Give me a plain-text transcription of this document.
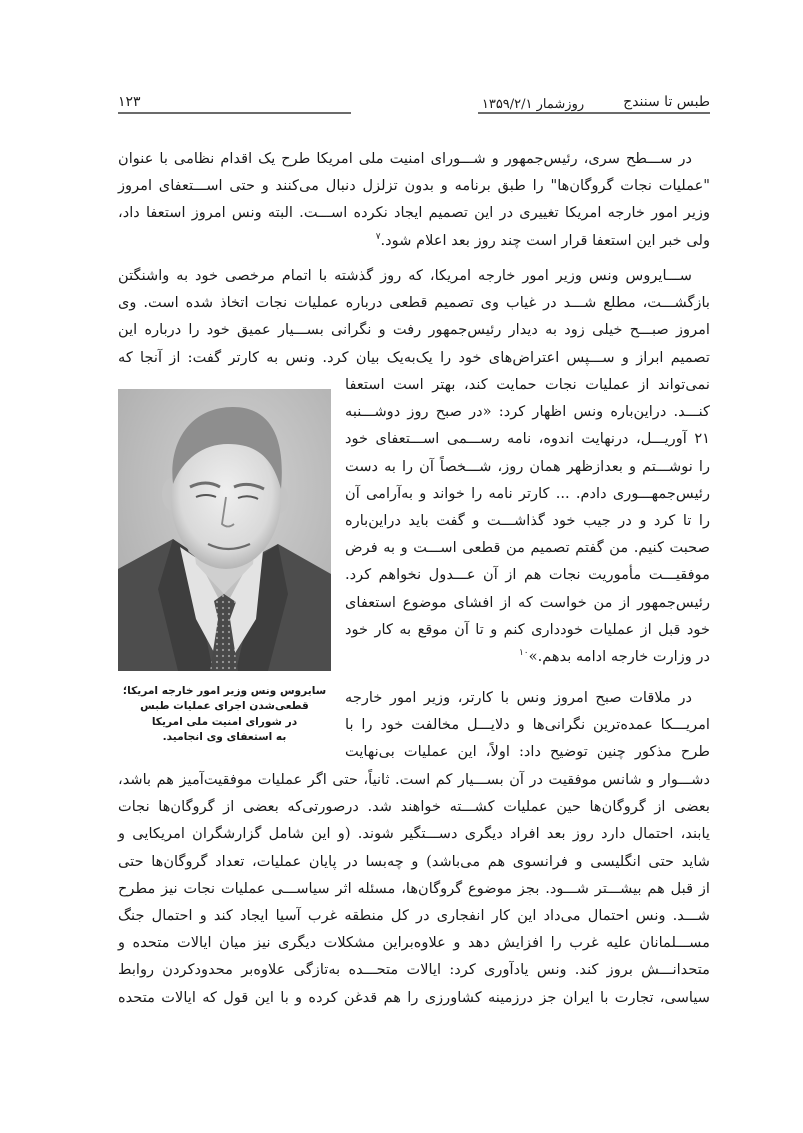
طبس تا سنندج
روزشمار ۱۳۵۹/۲/۱
۱۲۳
در ســـطح سری، رئیس‌جمهور و شـــورای امنیت ملی امریکا طرح یک اقدام نظامی با عنوان
"عملیات نجات گروگان‌ها" را طبق برنامه و بدون تزلزل دنبال می‌کنند و حتی اســـتعفای امروز
وزیر امور خارجه امریکا تغییری در این تصمیم ایجاد نکرده اســـت. البته ونس امروز استعفا داد،
ولی خبر این استعفا قرار است چند روز بعد اعلام شود.$^۷$
ســـایروس ونس وزیر امور خارجه امریکا، که روز گذشته با اتمام مرخصی خود به واشنگتن
بازگشـــت، مطلع شـــد در غیاب وی تصمیم قطعی درباره عملیات نجات اتخاذ شده است. وی
امروز صبـــح خیلی زود به دیدار رئیس‌جمهور رفت و نگرانی بســـیار عمیق خود را درباره این
تصمیم ابراز و ســـپس اعتراض‌های خود را یک‌به‌یک بیان کرد. ونس به کارتر گفت: از آنجا که
نمی‌تواند از عملیات نجات حمایت کند، بهتر است استعفا
کنـــد. دراین‌باره ونس اظهار کرد: «در صبح روز دوشـــنبه
۲۱ آوریـــل، درنهایت اندوه، نامه رســـمی اســـتعفای خود
را نوشـــتم و بعدازظهر همان روز، شـــخصاً آن را به دست
رئیس‌جمهـــوری دادم. ... کارتر نامه را خواند و به‌آرامی آن
را تا کرد و در جیب خود گذاشـــت و گفت باید دراین‌باره
صحبت کنیم. من گفتم تصمیم من قطعی اســـت و به فرض
موفقیـــت مأموریت نجات هم از آن عـــدول نخواهم کرد.
رئیس‌جمهور از من خواست که از افشای موضوع استعفای
خود قبل از عملیات خودداری کنم و تا آن موقع به کار خود
در وزارت خارجه ادامه بدهم.»$^{۱۰}$
در ملاقات صبح امروز ونس با کارتر، وزیر امور خارجه
امریـــکا عمده‌ترین نگرانی‌ها و دلایـــل مخالفت خود را با
طرح مذکور چنین توضیح داد: اولاً، این عملیات بی‌نهایت
دشـــوار و شانس موفقیت در آن بســـیار کم است. ثانیاً، حتی اگر عملیات موفقیت‌آمیز هم باشد،
بعضی از گروگان‌ها حین عملیات کشـــته خواهند شد. درصورتی‌که بعضی از گروگان‌ها نجات
یابند، احتمال دارد روز بعد افراد دیگری دســـتگیر شوند. (و این شامل گزارشگران امریکایی و
شاید حتی انگلیسی و فرانسوی هم می‌باشد) و چه‌بسا در پایان عملیات، تعداد گروگان‌ها حتی
از قبل هم بیشـــتر شـــود. بجز موضوع گروگان‌ها، مسئله اثر سیاســـی عملیات نجات نیز مطرح
شـــد. ونس احتمال می‌داد این کار انفجاری در کل منطقه غرب آسیا ایجاد کند و احتمال جنگ
مســـلمانان علیه غرب را افزایش دهد و علاوه‌براین مشکلات دیگری نیز میان ایالات متحده و
متحدانـــش بروز کند. ونس یادآوری کرد: ایالات متحـــده به‌تازگی علاوه‌بر محدودکردن روابط
سیاسی، تجارت با ایران جز درزمینه کشاورزی را هم قدغن کرده و با این قول که ایالات متحده
سایروس ونس وزیر امور خارجه امریکا؛
قطعی‌شدن اجرای عملیات طبس
در شورای امنیت ملی امریکا
به استعفای وی انجامید.
